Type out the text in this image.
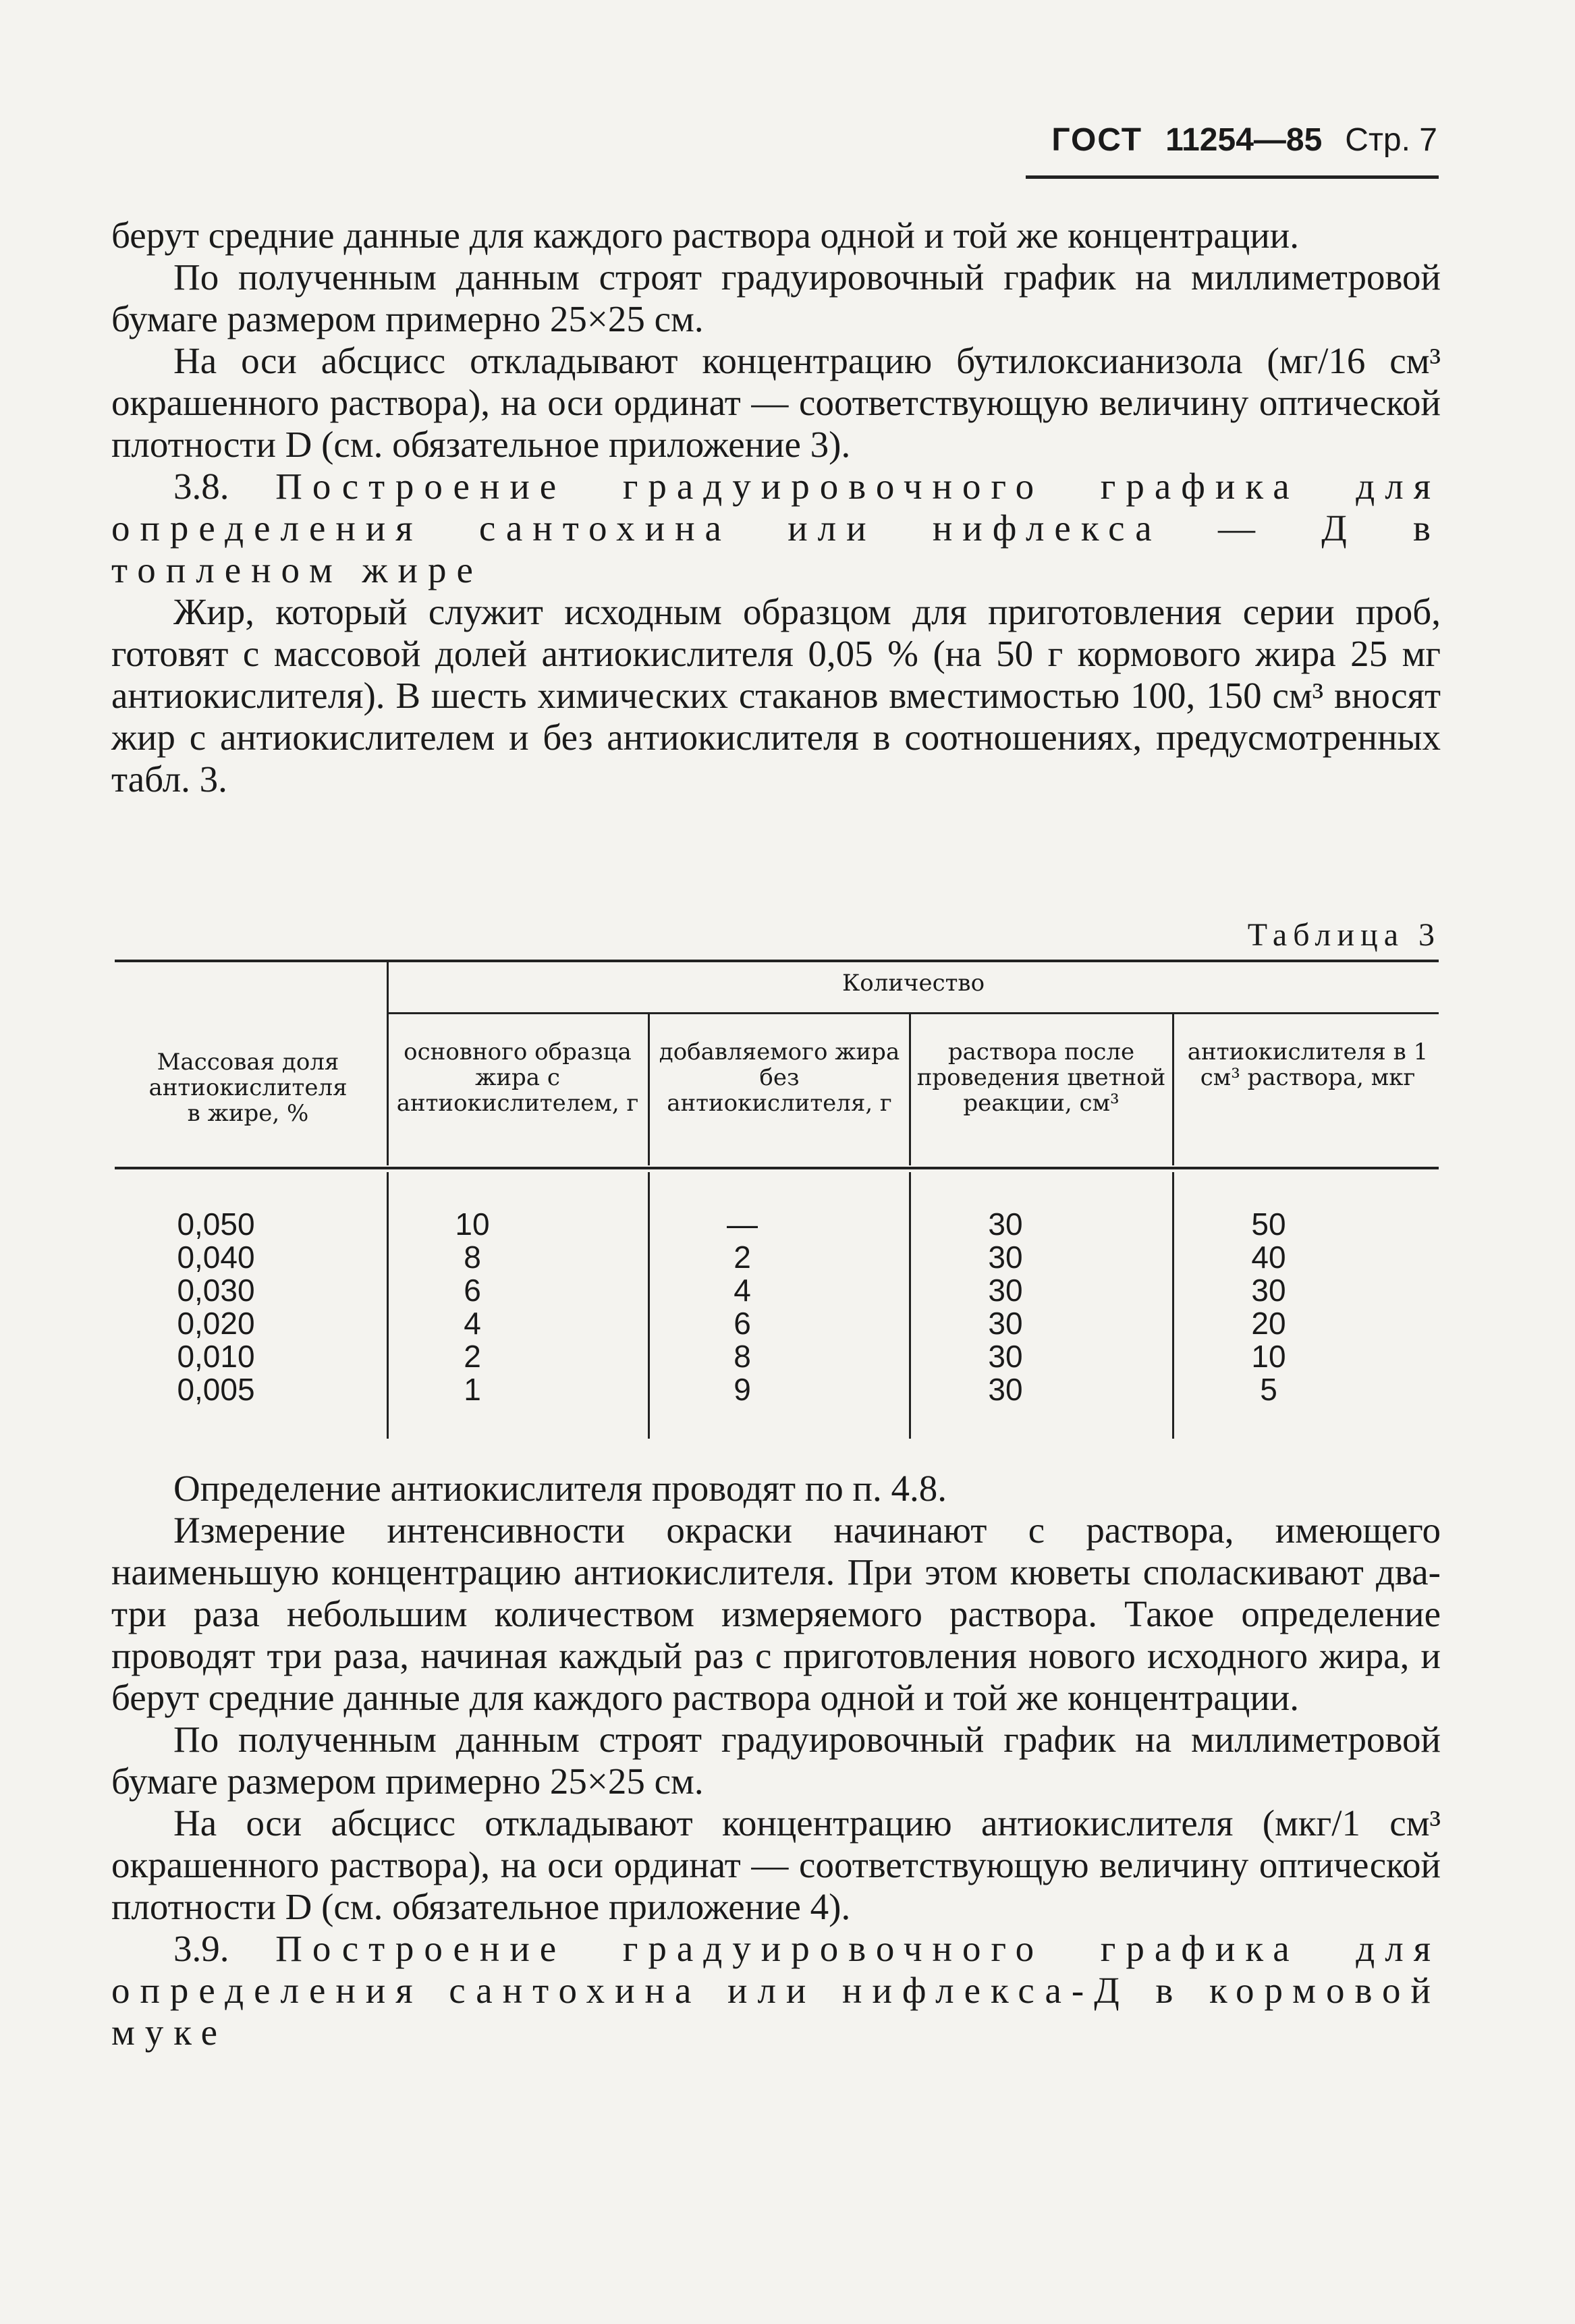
ГОСТ 11254—85 Стр. 7

берут средние данные для каждого раствора одной и той же концентрации.

По полученным данным строят градуировочный график на миллиметровой бумаге размером примерно 25×25 см.

На оси абсцисс откладывают концентрацию бутилоксианизола (мг/16 см³ окрашенного раствора), на оси ординат — соответствующую величину оптической плотности D (см. обязательное приложение 3).

3.8. Построение градуировочного графика для определения сантохина или нифлекса — Д в топленом жире

Жир, который служит исходным образцом для приготовления серии проб, готовят с массовой долей антиокислителя 0,05 % (на 50 г кормового жира 25 мг антиокислителя). В шесть химических стаканов вместимостью 100, 150 см³ вносят жир с антиокислителем и без антиокислителя в соотношениях, предусмотренных табл. 3.

Таблица 3
Количество
Массовая доля антиокислителя в жире, %
основного образца жира с антиокислителем, г
добавляемого жира без антиокислителя, г
раствора после проведения цветной реакции, см³
антиокислителя в 1 см³ раствора, мкг
0,050
0,040
0,030
0,020
0,010
0,005
10
8
6
4
2
1
—
2
4
6
8
9
30
30
30
30
30
30
50
40
30
20
10
5

Определение антиокислителя проводят по п. 4.8.

Измерение интенсивности окраски начинают с раствора, имеющего наименьшую концентрацию антиокислителя. При этом кюветы споласкивают два-три раза небольшим количеством измеряемого раствора. Такое определение проводят три раза, начиная каждый раз с приготовления нового исходного жира, и берут средние данные для каждого раствора одной и той же концентрации.

По полученным данным строят градуировочный график на миллиметровой бумаге размером примерно 25×25 см.

На оси абсцисс откладывают концентрацию антиокислителя (мкг/1 см³ окрашенного раствора), на оси ординат — соответствующую величину оптической плотности D (см. обязательное приложение 4).

3.9. Построение градуировочного графика для определения сантохина или нифлекса-Д в кормовой муке
